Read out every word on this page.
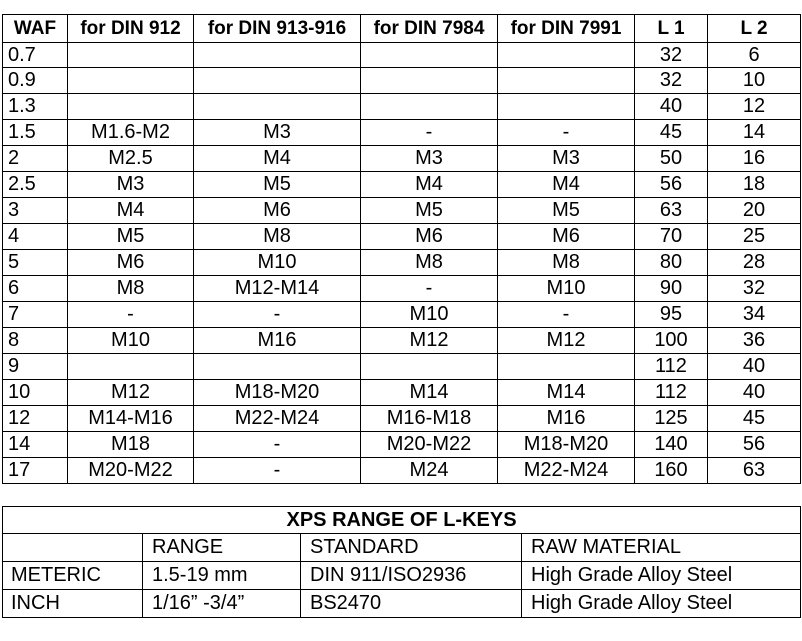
WAF	for DIN 912	for DIN 913-916	for DIN 7984	for DIN 7991	L 1	L 2
0.7					32	6
0.9					32	10
1.3					40	12
1.5	M1.6-M2	M3	-	-	45	14
2	M2.5	M4	M3	M3	50	16
2.5	M3	M5	M4	M4	56	18
3	M4	M6	M5	M5	63	20
4	M5	M8	M6	M6	70	25
5	M6	M10	M8	M8	80	28
6	M8	M12-M14	-	M10	90	32
7	-	-	M10	-	95	34
8	M10	M16	M12	M12	100	36
9					112	40
10	M12	M18-M20	M14	M14	112	40
12	M14-M16	M22-M24	M16-M18	M16	125	45
14	M18	-	M20-M22	M18-M20	140	56
17	M20-M22	-	M24	M22-M24	160	63
XPS RANGE OF L-KEYS			
	RANGE	STANDARD	RAW MATERIAL
METERIC	1.5-19 mm	DIN 911/ISO2936	High Grade Alloy Steel
INCH	1/16” -3/4”	BS2470	High Grade Alloy Steel
